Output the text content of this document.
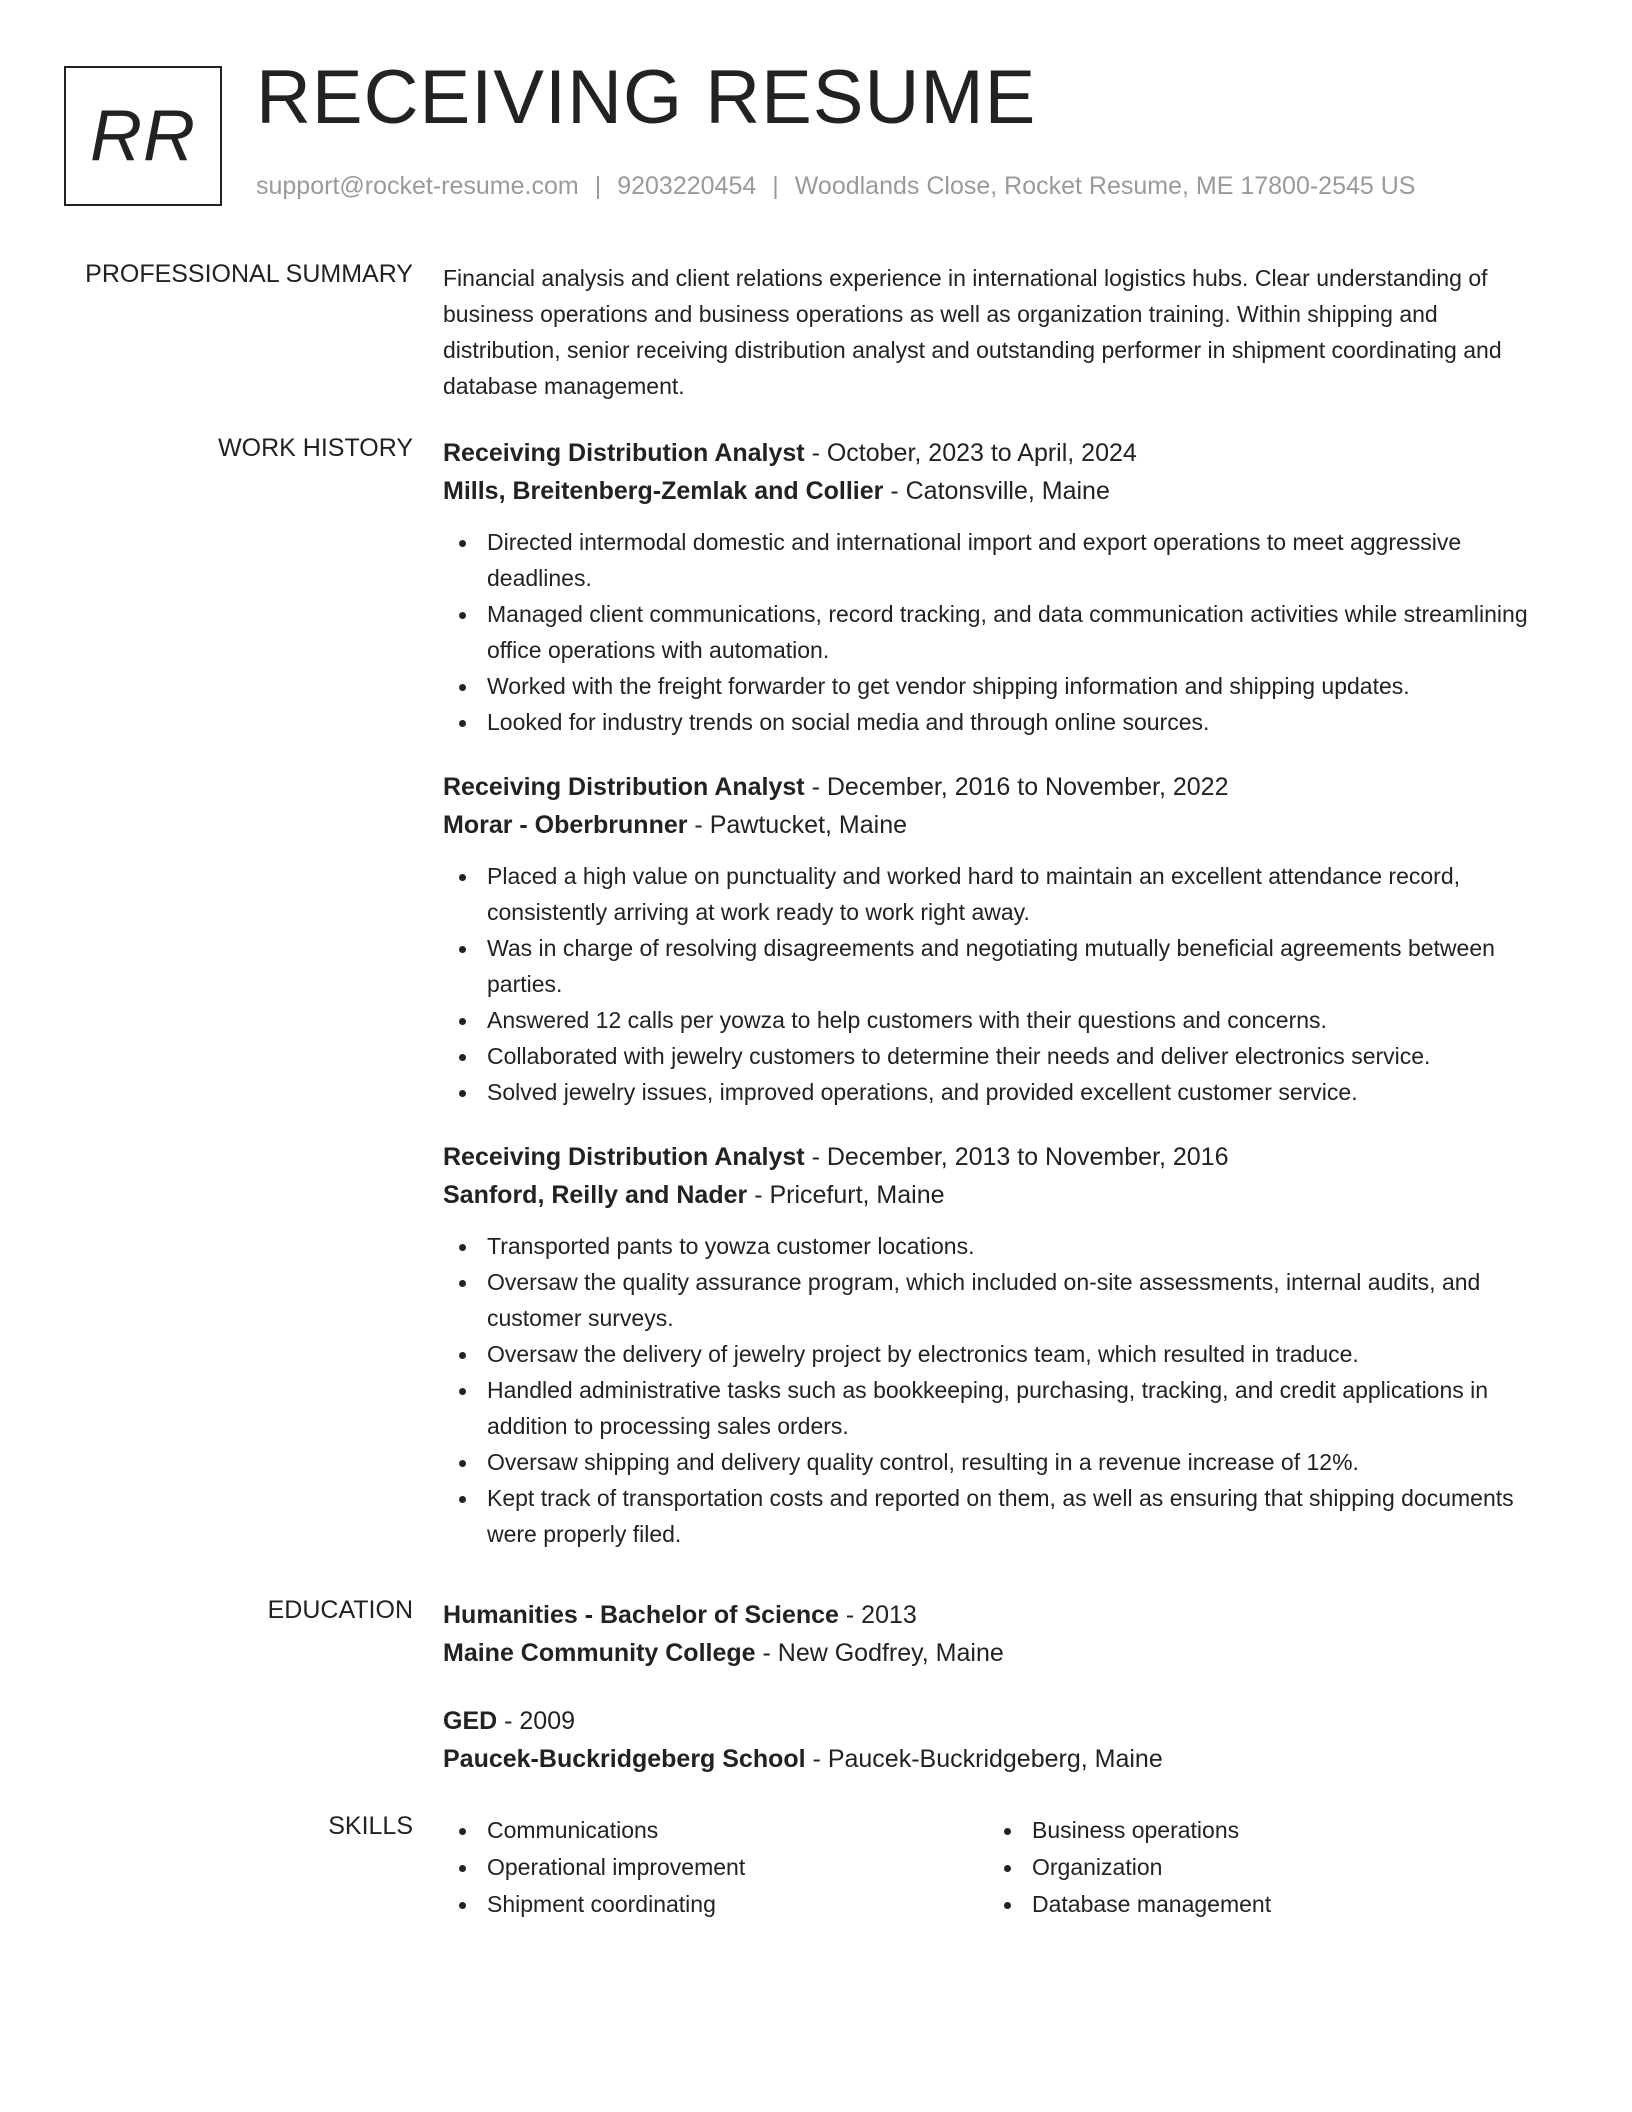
RR RECEIVING RESUME
support@rocket-resume.com | 9203220454 | Woodlands Close, Rocket Resume, ME 17800-2545 US
PROFESSIONAL SUMMARY Financial analysis and client relations experience in international logistics hubs. Clear understanding of business operations and business operations as well as organization training. Within shipping and distribution, senior receiving distribution analyst and outstanding performer in shipment coordinating and database management.

WORK HISTORY Receiving Distribution Analyst - October, 2023 to April, 2024
Mills, Breitenberg-Zemlak and Collier - Catonsville, Maine
Directed intermodal domestic and international import and export operations to meet aggressive deadlines.
Managed client communications, record tracking, and data communication activities while streamlining office operations with automation.
Worked with the freight forwarder to get vendor shipping information and shipping updates.
Looked for industry trends on social media and through online sources.
Receiving Distribution Analyst - December, 2016 to November, 2022
Morar - Oberbrunner - Pawtucket, Maine
Placed a high value on punctuality and worked hard to maintain an excellent attendance record, consistently arriving at work ready to work right away.
Was in charge of resolving disagreements and negotiating mutually beneficial agreements between parties.
Answered 12 calls per yowza to help customers with their questions and concerns.
Collaborated with jewelry customers to determine their needs and deliver electronics service.
Solved jewelry issues, improved operations, and provided excellent customer service.
Receiving Distribution Analyst - December, 2013 to November, 2016
Sanford, Reilly and Nader - Pricefurt, Maine
Transported pants to yowza customer locations.
Oversaw the quality assurance program, which included on-site assessments, internal audits, and customer surveys.
Oversaw the delivery of jewelry project by electronics team, which resulted in traduce.
Handled administrative tasks such as bookkeeping, purchasing, tracking, and credit applications in addition to processing sales orders.
Oversaw shipping and delivery quality control, resulting in a revenue increase of 12%.
Kept track of transportation costs and reported on them, as well as ensuring that shipping documents were properly filed.
EDUCATION Humanities - Bachelor of Science - 2013
Maine Community College - New Godfrey, Maine
GED - 2009
Paucek-Buckridgeberg School - Paucek-Buckridgeberg, Maine
SKILLS	Communications
Operational improvement
Shipment coordinating
Business operations
Organization
Database management
